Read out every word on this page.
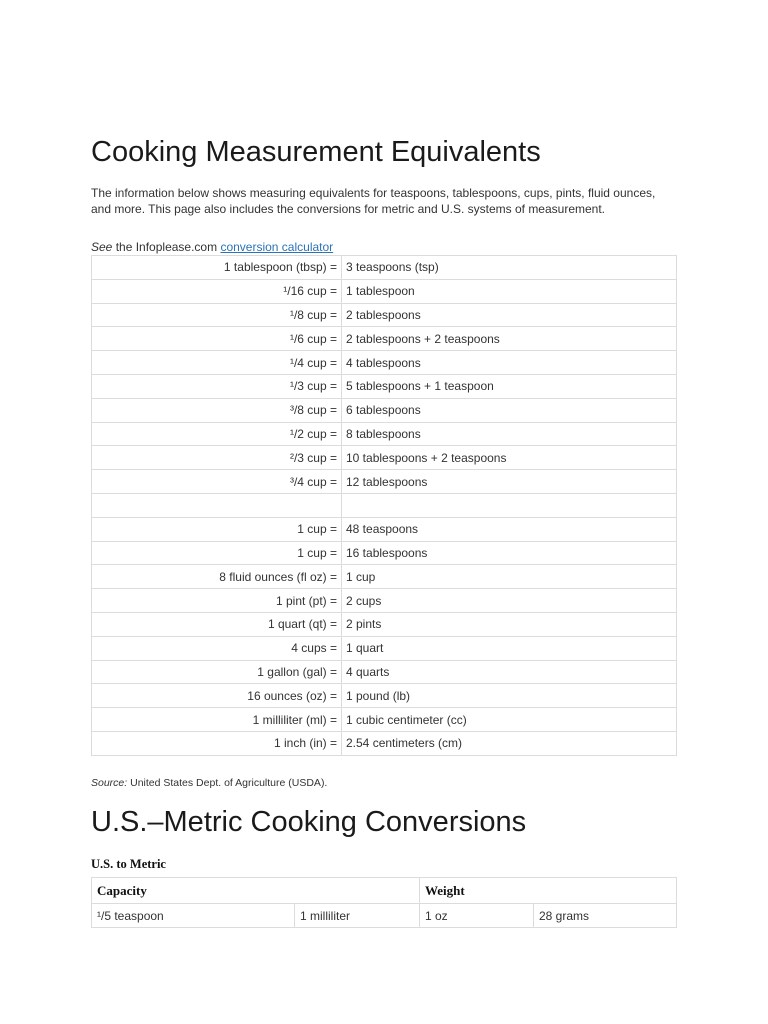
Cooking Measurement Equivalents

The information below shows measuring equivalents for teaspoons, tablespoons, cups, pints, fluid ounces, and more. This page also includes the conversions for metric and U.S. systems of measurement.

See the Infoplease.com conversion calculator

1 tablespoon (tbsp) =	3 teaspoons (tsp)
¹/16 cup =	1 tablespoon
¹/8 cup =	2 tablespoons
¹/6 cup =	2 tablespoons + 2 teaspoons
¹/4 cup =	4 tablespoons
¹/3 cup =	5 tablespoons + 1 teaspoon
³/8 cup =	6 tablespoons
¹/2 cup =	8 tablespoons
²/3 cup =	10 tablespoons + 2 teaspoons
³/4 cup =	12 tablespoons

1 cup =	48 teaspoons
1 cup =	16 tablespoons
8 fluid ounces (fl oz) =	1 cup
1 pint (pt) =	2 cups
1 quart (qt) =	2 pints
4 cups =	1 quart
1 gallon (gal) =	4 quarts
16 ounces (oz) =	1 pound (lb)
1 milliliter (ml) =	1 cubic centimeter (cc)
1 inch (in) =	2.54 centimeters (cm)

Source: United States Dept. of Agriculture (USDA).

U.S.–Metric Cooking Conversions

U.S. to Metric

Capacity		Weight	
¹/5 teaspoon	1 milliliter	1 oz	28 grams
